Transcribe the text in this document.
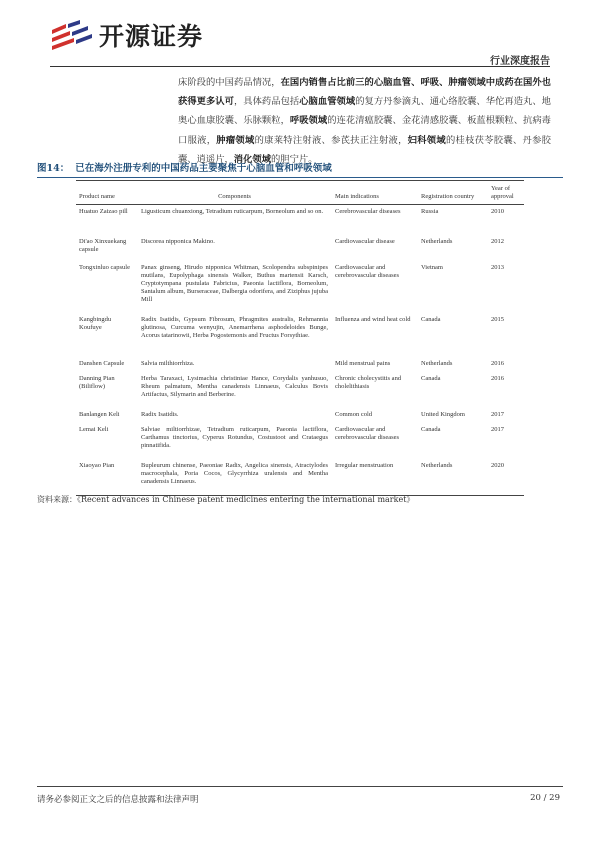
开源证券
行业深度报告

床阶段的中国药品情况，在国内销售占比前三的心脑血管、呼吸、肿瘤领域中成药在国外也获得更多认可，具体药品包括心脑血管领域的复方丹参滴丸、通心络胶囊、华佗再造丸、地奥心血康胶囊、乐脉颗粒，呼吸领域的连花清瘟胶囊、金花清感胶囊、板蓝根颗粒、抗病毒口服液，肿瘤领域的康莱特注射液、参芪扶正注射液，妇科领域的桂枝茯苓胶囊、丹参胶囊、逍遥片，消化领域的胆宁片。

图14： 已在海外注册专利的中国药品主要聚焦于心脑血管和呼吸领域
Product name	Components	Main indications	Registration country	Year of approval
Huatuo Zaizao pill	Ligusticum chuanxiong, Tetradium ruticarpum, Borneolum and so on.	Cerebrovascular diseases	Russia	2010
Di'ao Xinxuekang capsule	Discorea nipponica Makino.	Cardiovascular disease	Netherlands	2012
Tongxinluo capsule	Panax ginseng, Hirudo nipponica Whitman, Scolopendra subspinipes mutilans, Eupolyphaga sinensis Walker, Buthus martensii Karsch, Cryptotympana pustulata Fabricius, Paeonia lactiflora, Borneolum, Santalum album, Burseraceae, Dalbergia odorifera, and Ziziphus jujuba Mill	Cardiovascular and cerebrovascular diseases	Vietnam	2013
Kangbingdu Koufuye	Radix Isatidis, Gypsum Fibrosum, Phragmites australis, Rehmannia glutinosa, Curcuma wenyujin, Anemarrhena asphodeloides Bunge, Acorus tatarinowii, Herba Pogostemonis and Fructus Forsythiae.	Influenza and wind heat cold	Canada	2015
Danshen Capsule	Salvia milthiorrhiza.	Mild menstrual pains	Netherlands	2016
Danning Pian (Biliflow)	Herba Taraxaci, Lysimachia christiniae Hance, Corydalis yanhusuo, Rheum palmatum, Mentha canadensis Linnaeus, Calculus Bovis Artifactus, Silymarin and Berberine.	Chronic cholecystitis and cholelithiasis	Canada	2016
Banlangen Keli	Radix Isatidis.	Common cold	United Kingdom	2017
Lemai Keli	Salviae miltiorrhizae, Tetradium ruticarpum, Paeonia lactiflora, Carthamus tinctorius, Cyperus Rotundus, Costustoot and Crataegus pinnatifida.	Cardiovascular and cerebrovascular diseases	Canada	2017
Xiaoyao Pian	Bupleurum chinense, Paeoniae Radix, Angelica sinensis, Atractylodes macrocephala, Poria Cocos, Glycyrrhiza uralensis and Mentha canadensis Linnaeus.	Irregular menstruation	Netherlands	2020
资料来源：《Recent advances in Chinese patent medicines entering the international market》
请务必参阅正文之后的信息披露和法律声明	20 / 29
